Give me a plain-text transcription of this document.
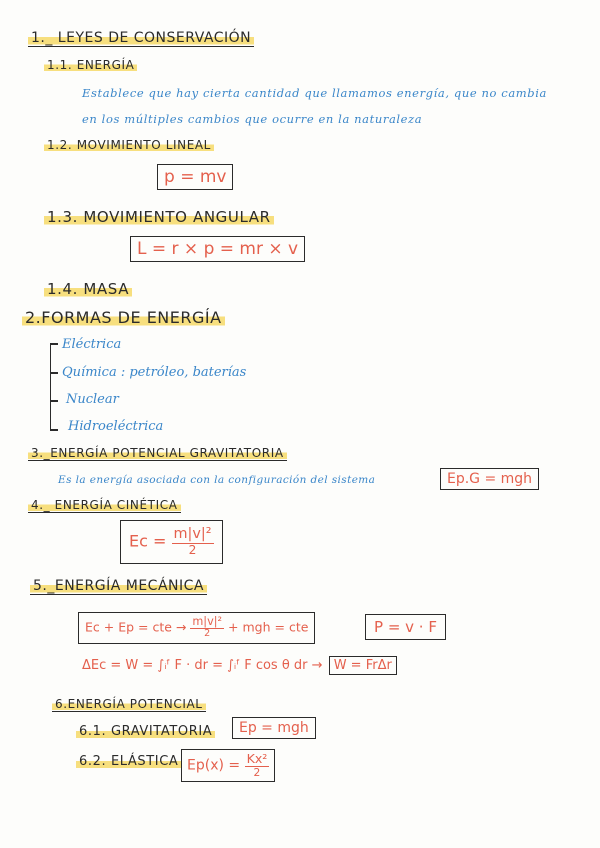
1._ LEYES DE CONSERVACIÓN
1.1. ENERGÍA
Establece que hay cierta cantidad que llamamos energía, que no cambia
en los múltiples cambios que ocurre en la naturaleza
1.2. MOVIMIENTO LINEAL
p = mv
1.3. MOVIMIENTO ANGULAR
L = r × p = mr × v
1.4. MASA
2.FORMAS DE ENERGÍA
Eléctrica
Química : petróleo, baterías
Nuclear
Hidroeléctrica
3._ENERGÍA POTENCIAL GRAVITATORIA
Es la energía asociada con la configuración del sistema	Ep.G = mgh
4._ ENERGÍA CINÉTICA
$Ec = \frac{\text{m|v|²}}{2}$
5._ENERGÍA MECÁNICA
Ec + Ep = cte → $\frac{\text{m|v|²}}{2}$ + mgh = cte	P = v · F
ΔEc = W = ∫ᵢᶠ F · dr = ∫ᵢᶠ F cos θ dr → W = FrΔr
6.ENERGÍA POTENCIAL
6.1. GRAVITATORIA	Ep = mgh
6.2. ELÁSTICA $Ep(x) = \frac{\text{Kx²}}{2}$
